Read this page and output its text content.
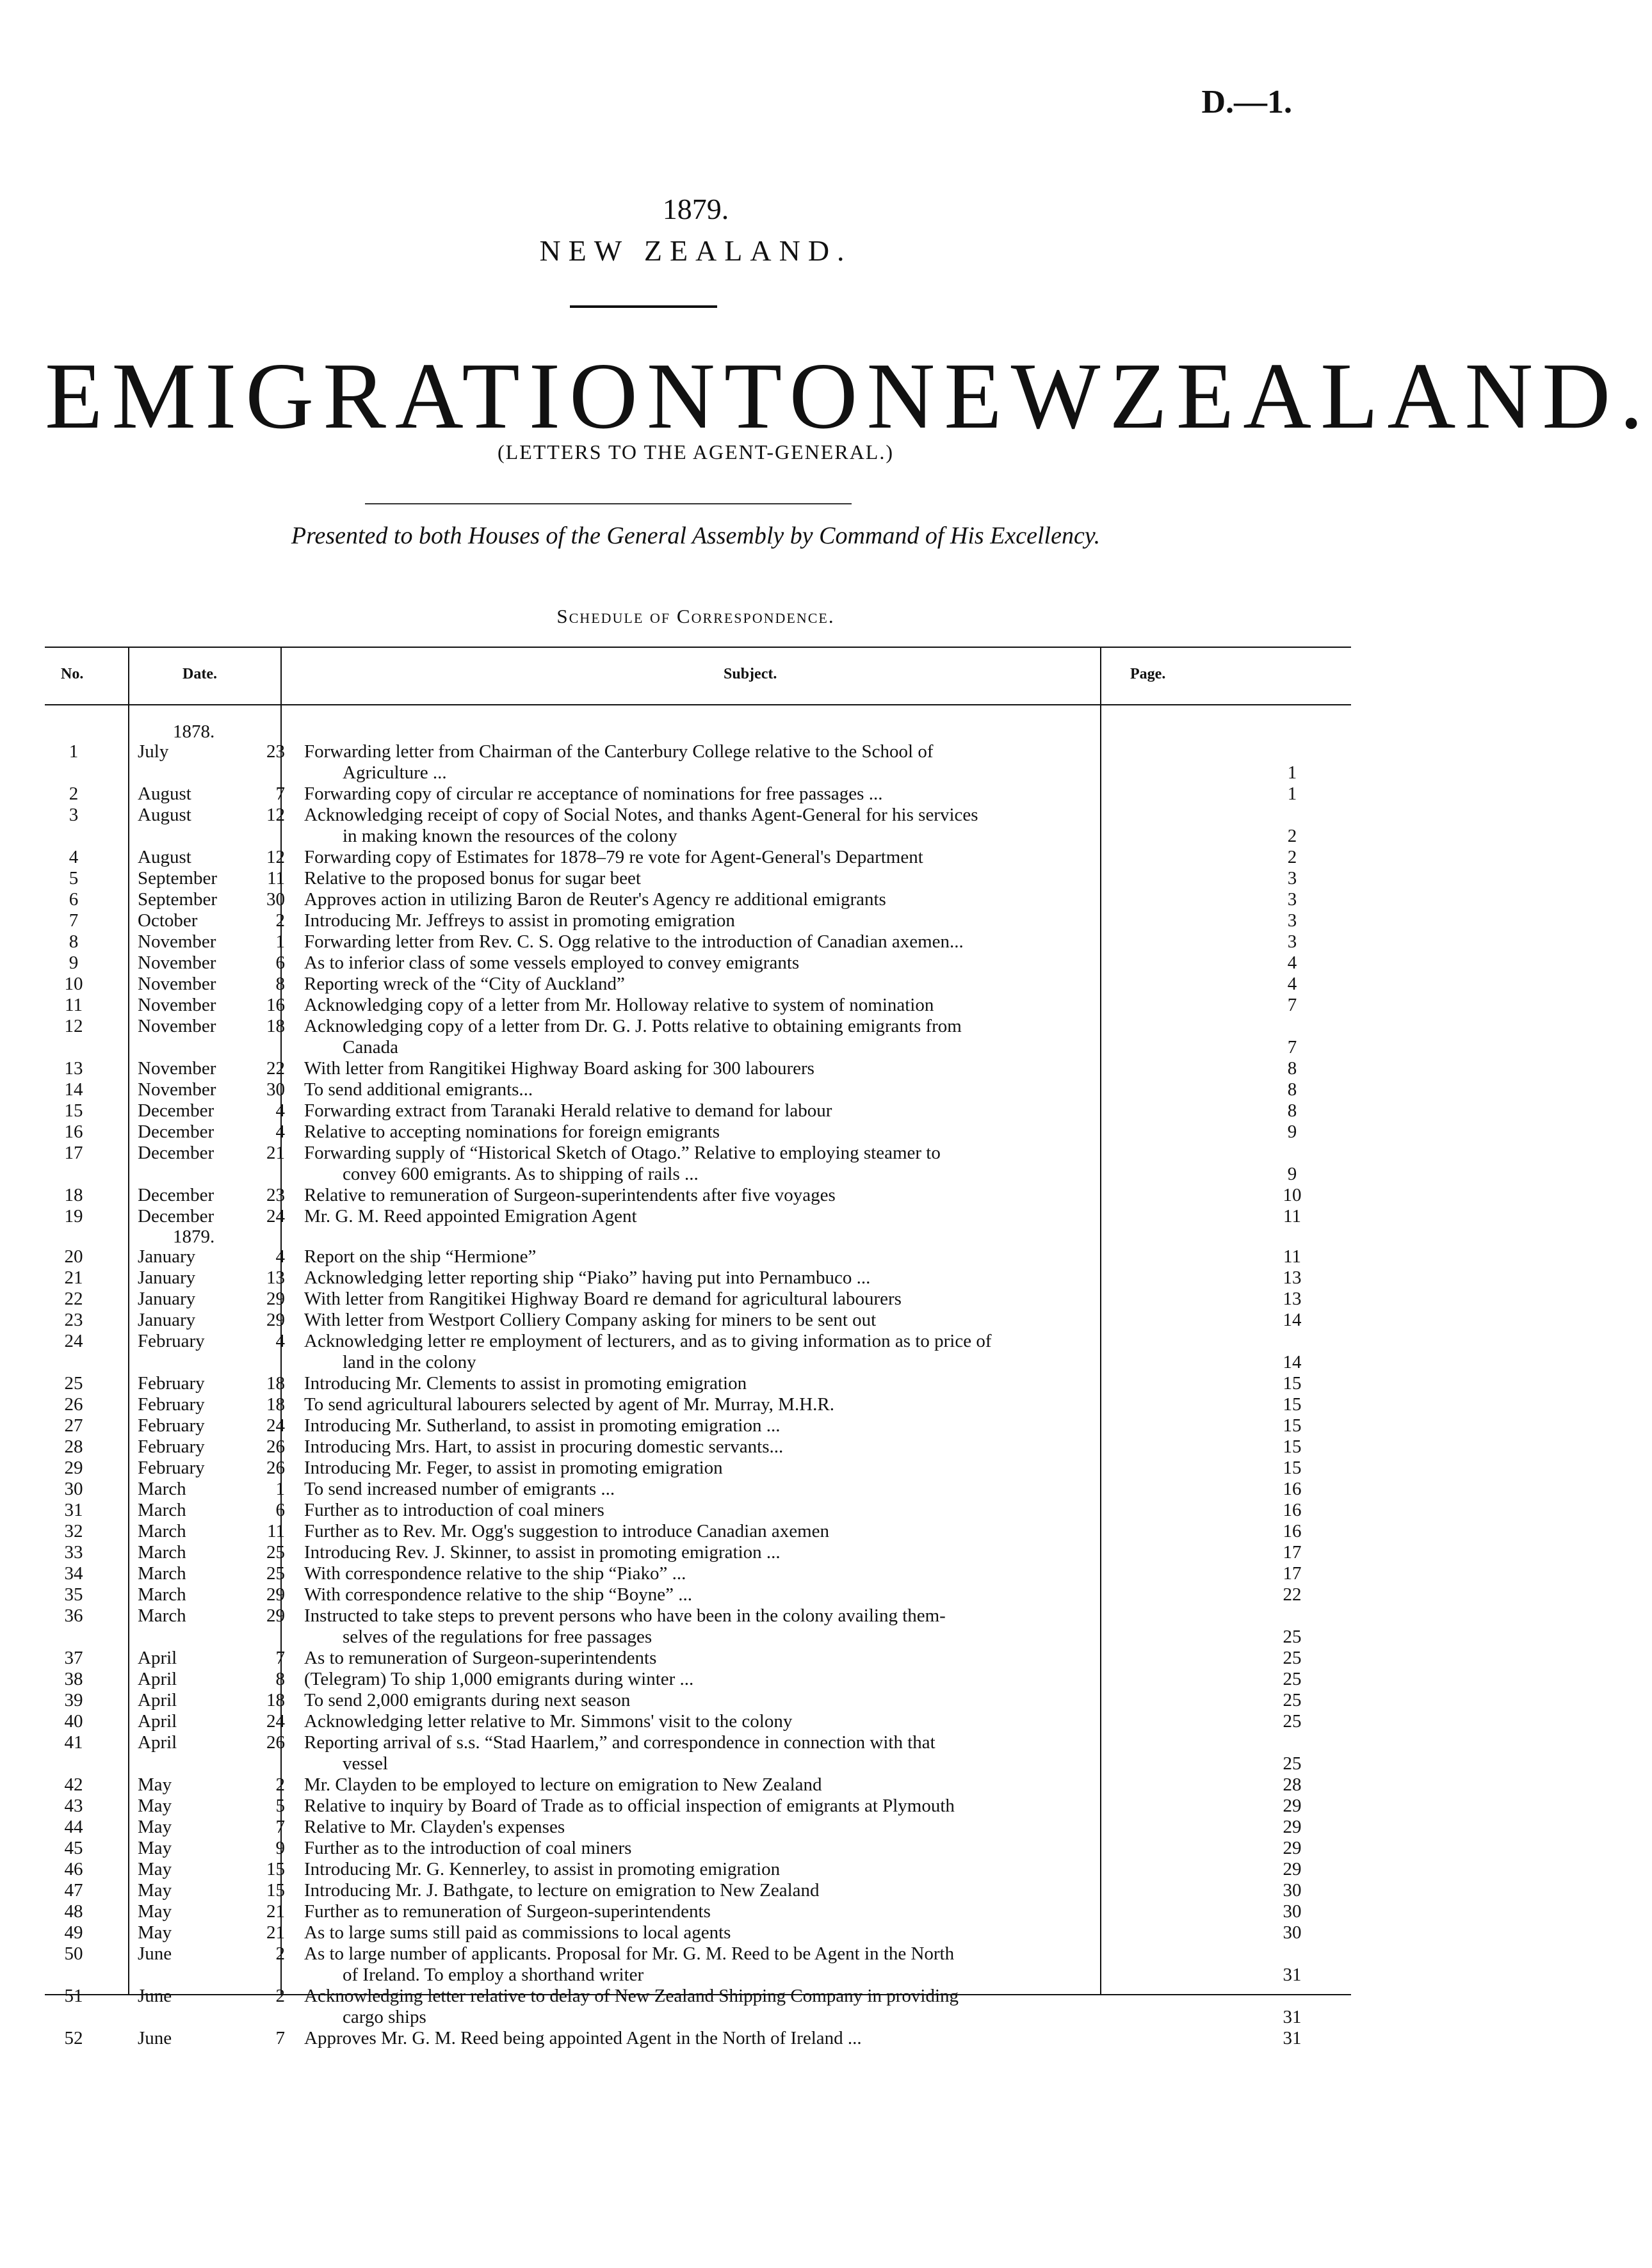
D.—1.
1879.
NEW ZEALAND.
EMIGRATION TO NEW ZEALAND.
(LETTERS TO THE AGENT-GENERAL.)
Presented to both Houses of the General Assembly by Command of His Excellency.
Schedule of Correspondence.
No.	Date.	Subject.	Page.
1878.
1	July	23 Forwarding letter from Chairman of the Canterbury College relative to the School of
Agriculture ...	1
2	August	7 Forwarding copy of circular re acceptance of nominations for free passages ...	1
3	August	12 Acknowledging receipt of copy of Social Notes, and thanks Agent-General for his services
in making known the resources of the colony	2
4	August	12 Forwarding copy of Estimates for 1878–79 re vote for Agent-General's Department	2
5	September	11 Relative to the proposed bonus for sugar beet	3
6	September	30 Approves action in utilizing Baron de Reuter's Agency re additional emigrants	3
7	October	2 Introducing Mr. Jeffreys to assist in promoting emigration	3
8	November	1 Forwarding letter from Rev. C. S. Ogg relative to the introduction of Canadian axemen...	3
9	November	6 As to inferior class of some vessels employed to convey emigrants	4
10	November	8 Reporting wreck of the “City of Auckland”	4
11	November	16 Acknowledging copy of a letter from Mr. Holloway relative to system of nomination	7
12	November	18 Acknowledging copy of a letter from Dr. G. J. Potts relative to obtaining emigrants from
Canada	7
13	November	22 With letter from Rangitikei Highway Board asking for 300 labourers	8
14	November	30 To send additional emigrants...	8
15	December	4 Forwarding extract from Taranaki Herald relative to demand for labour	8
16	December	4 Relative to accepting nominations for foreign emigrants	9
17	December	21 Forwarding supply of “Historical Sketch of Otago.” Relative to employing steamer to
convey 600 emigrants. As to shipping of rails ...	9
18	December	23 Relative to remuneration of Surgeon-superintendents after five voyages	10
19	December	24 Mr. G. M. Reed appointed Emigration Agent	11
1879.
20	January	4 Report on the ship “Hermione”	11
21	January	13 Acknowledging letter reporting ship “Piako” having put into Pernambuco ...	13
22	January	29 With letter from Rangitikei Highway Board re demand for agricultural labourers	13
23	January	29 With letter from Westport Colliery Company asking for miners to be sent out	14
24	February	4 Acknowledging letter re employment of lecturers, and as to giving information as to price of
land in the colony	14
25	February	18 Introducing Mr. Clements to assist in promoting emigration	15
26	February	18 To send agricultural labourers selected by agent of Mr. Murray, M.H.R.	15
27	February	24 Introducing Mr. Sutherland, to assist in promoting emigration ...	15
28	February	26 Introducing Mrs. Hart, to assist in procuring domestic servants...	15
29	February	26 Introducing Mr. Feger, to assist in promoting emigration	15
30	March	1 To send increased number of emigrants ...	16
31	March	6 Further as to introduction of coal miners	16
32	March	11 Further as to Rev. Mr. Ogg's suggestion to introduce Canadian axemen	16
33	March	25 Introducing Rev. J. Skinner, to assist in promoting emigration ...	17
34	March	25 With correspondence relative to the ship “Piako” ...	17
35	March	29 With correspondence relative to the ship “Boyne” ...	22
36	March	29 Instructed to take steps to prevent persons who have been in the colony availing them-
selves of the regulations for free passages	25
37	April	7 As to remuneration of Surgeon-superintendents	25
38	April	8 (Telegram) To ship 1,000 emigrants during winter ...	25
39	April	18 To send 2,000 emigrants during next season	25
40	April	24 Acknowledging letter relative to Mr. Simmons' visit to the colony	25
41	April	26 Reporting arrival of s.s. “Stad Haarlem,” and correspondence in connection with that
vessel	25
42	May	2 Mr. Clayden to be employed to lecture on emigration to New Zealand	28
43	May	5 Relative to inquiry by Board of Trade as to official inspection of emigrants at Plymouth	29
44	May	7 Relative to Mr. Clayden's expenses	29
45	May	9 Further as to the introduction of coal miners	29
46	May	15 Introducing Mr. G. Kennerley, to assist in promoting emigration	29
47	May	15 Introducing Mr. J. Bathgate, to lecture on emigration to New Zealand	30
48	May	21 Further as to remuneration of Surgeon-superintendents	30
49	May	21 As to large sums still paid as commissions to local agents	30
50	June	2 As to large number of applicants. Proposal for Mr. G. M. Reed to be Agent in the North
of Ireland. To employ a shorthand writer	31
51	June	2 Acknowledging letter relative to delay of New Zealand Shipping Company in providing
cargo ships	31
52	June	7 Approves Mr. G. M. Reed being appointed Agent in the North of Ireland ...	31
